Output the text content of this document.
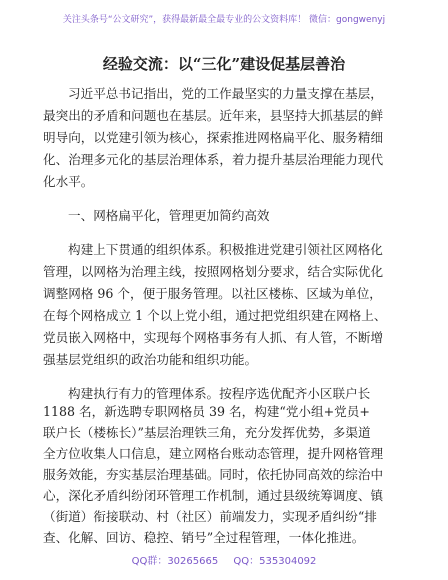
关注头条号“公文研究”，获得最新最全最专业的公文资料库！ 微信：gongwenyj
经验交流：以“三化”建设促基层善治
习近平总书记指出，党的工作最坚实的力量支撑在基层，
最突出的矛盾和问题也在基层。近年来，县坚持大抓基层的鲜
明导向，以党建引领为核心，探索推进网格扁平化、服务精细
化、治理多元化的基层治理体系，着力提升基层治理能力现代
化水平。
一、网格扁平化，管理更加简约高效
构建上下贯通的组织体系。积极推进党建引领社区网格化
管理，以网格为治理主线，按照网格划分要求，结合实际优化
调整网格 96 个，便于服务管理。以社区楼栋、区域为单位，
在每个网格成立 1 个以上党小组，通过把党组织建在网格上、
党员嵌入网格中，实现每个网格事务有人抓、有人管，不断增
强基层党组织的政治功能和组织功能。
构建执行有力的管理体系。按程序选优配齐小区联户长
1188 名，新选聘专职网格员 39 名，构建“党小组+党员+
联户长（楼栋长）”基层治理铁三角，充分发挥优势，多渠道
全方位收集人口信息，建立网格台账动态管理，提升网格管理
服务效能，夯实基层治理基础。同时，依托协同高效的综治中
心，深化矛盾纠纷闭环管理工作机制，通过县级统筹调度、镇
（街道）衔接联动、村（社区）前端发力，实现矛盾纠纷“排
查、化解、回访、稳控、销号”全过程管理，一体化推进。
QQ群：30265665 QQ：535304092
